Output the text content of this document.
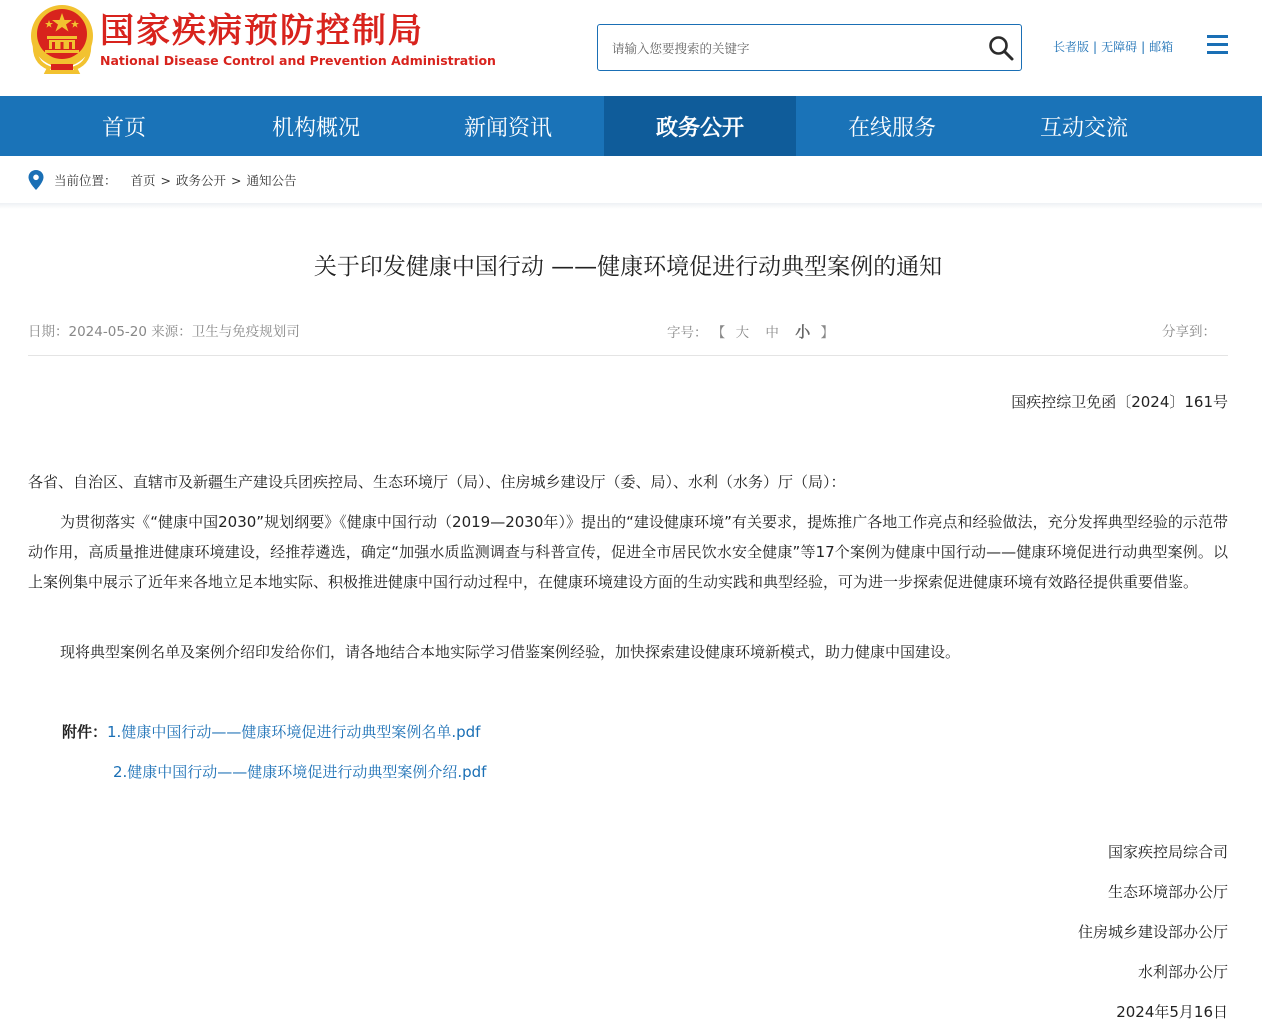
国家疾病预防控制局
National Disease Control and Prevention Administration
请输入您要搜索的关键字
长者版 | 无障碍 | 邮箱
首页	机构概况	新闻资讯	政务公开	在线服务	互动交流
当前位置： 首页 > 政务公开 > 通知公告
关于印发健康中国行动 ——健康环境促进行动典型案例的通知
日期：2024-05-20 来源：卫生与免疫规划司	字号： 【 大 中 小 】	分享到：
国疾控综卫免函〔2024〕161号

各省、自治区、直辖市及新疆生产建设兵团疾控局、生态环境厅（局）、住房城乡建设厅（委、局）、水利（水务）厅（局）：

为贯彻落实《“健康中国2030”规划纲要》《健康中国行动（2019—2030年）》提出的“建设健康环境”有关要求，提炼推广各地工作亮点和经验做法，充分发挥典型经验的示范带动作用，高质量推进健康环境建设，经推荐遴选，确定“加强水质监测调查与科普宣传，促进全市居民饮水安全健康”等17个案例为健康中国行动——健康环境促进行动典型案例。以上案例集中展示了近年来各地立足本地实际、积极推进健康中国行动过程中，在健康环境建设方面的生动实践和典型经验，可为进一步探索促进健康环境有效路径提供重要借鉴。

现将典型案例名单及案例介绍印发给你们，请各地结合本地实际学习借鉴案例经验，加快探索建设健康环境新模式，助力健康中国建设。

附件：1.健康中国行动——健康环境促进行动典型案例名单.pdf
2.健康中国行动——健康环境促进行动典型案例介绍.pdf
国家疾控局综合司
生态环境部办公厅
住房城乡建设部办公厅
水利部办公厅
2024年5月16日
